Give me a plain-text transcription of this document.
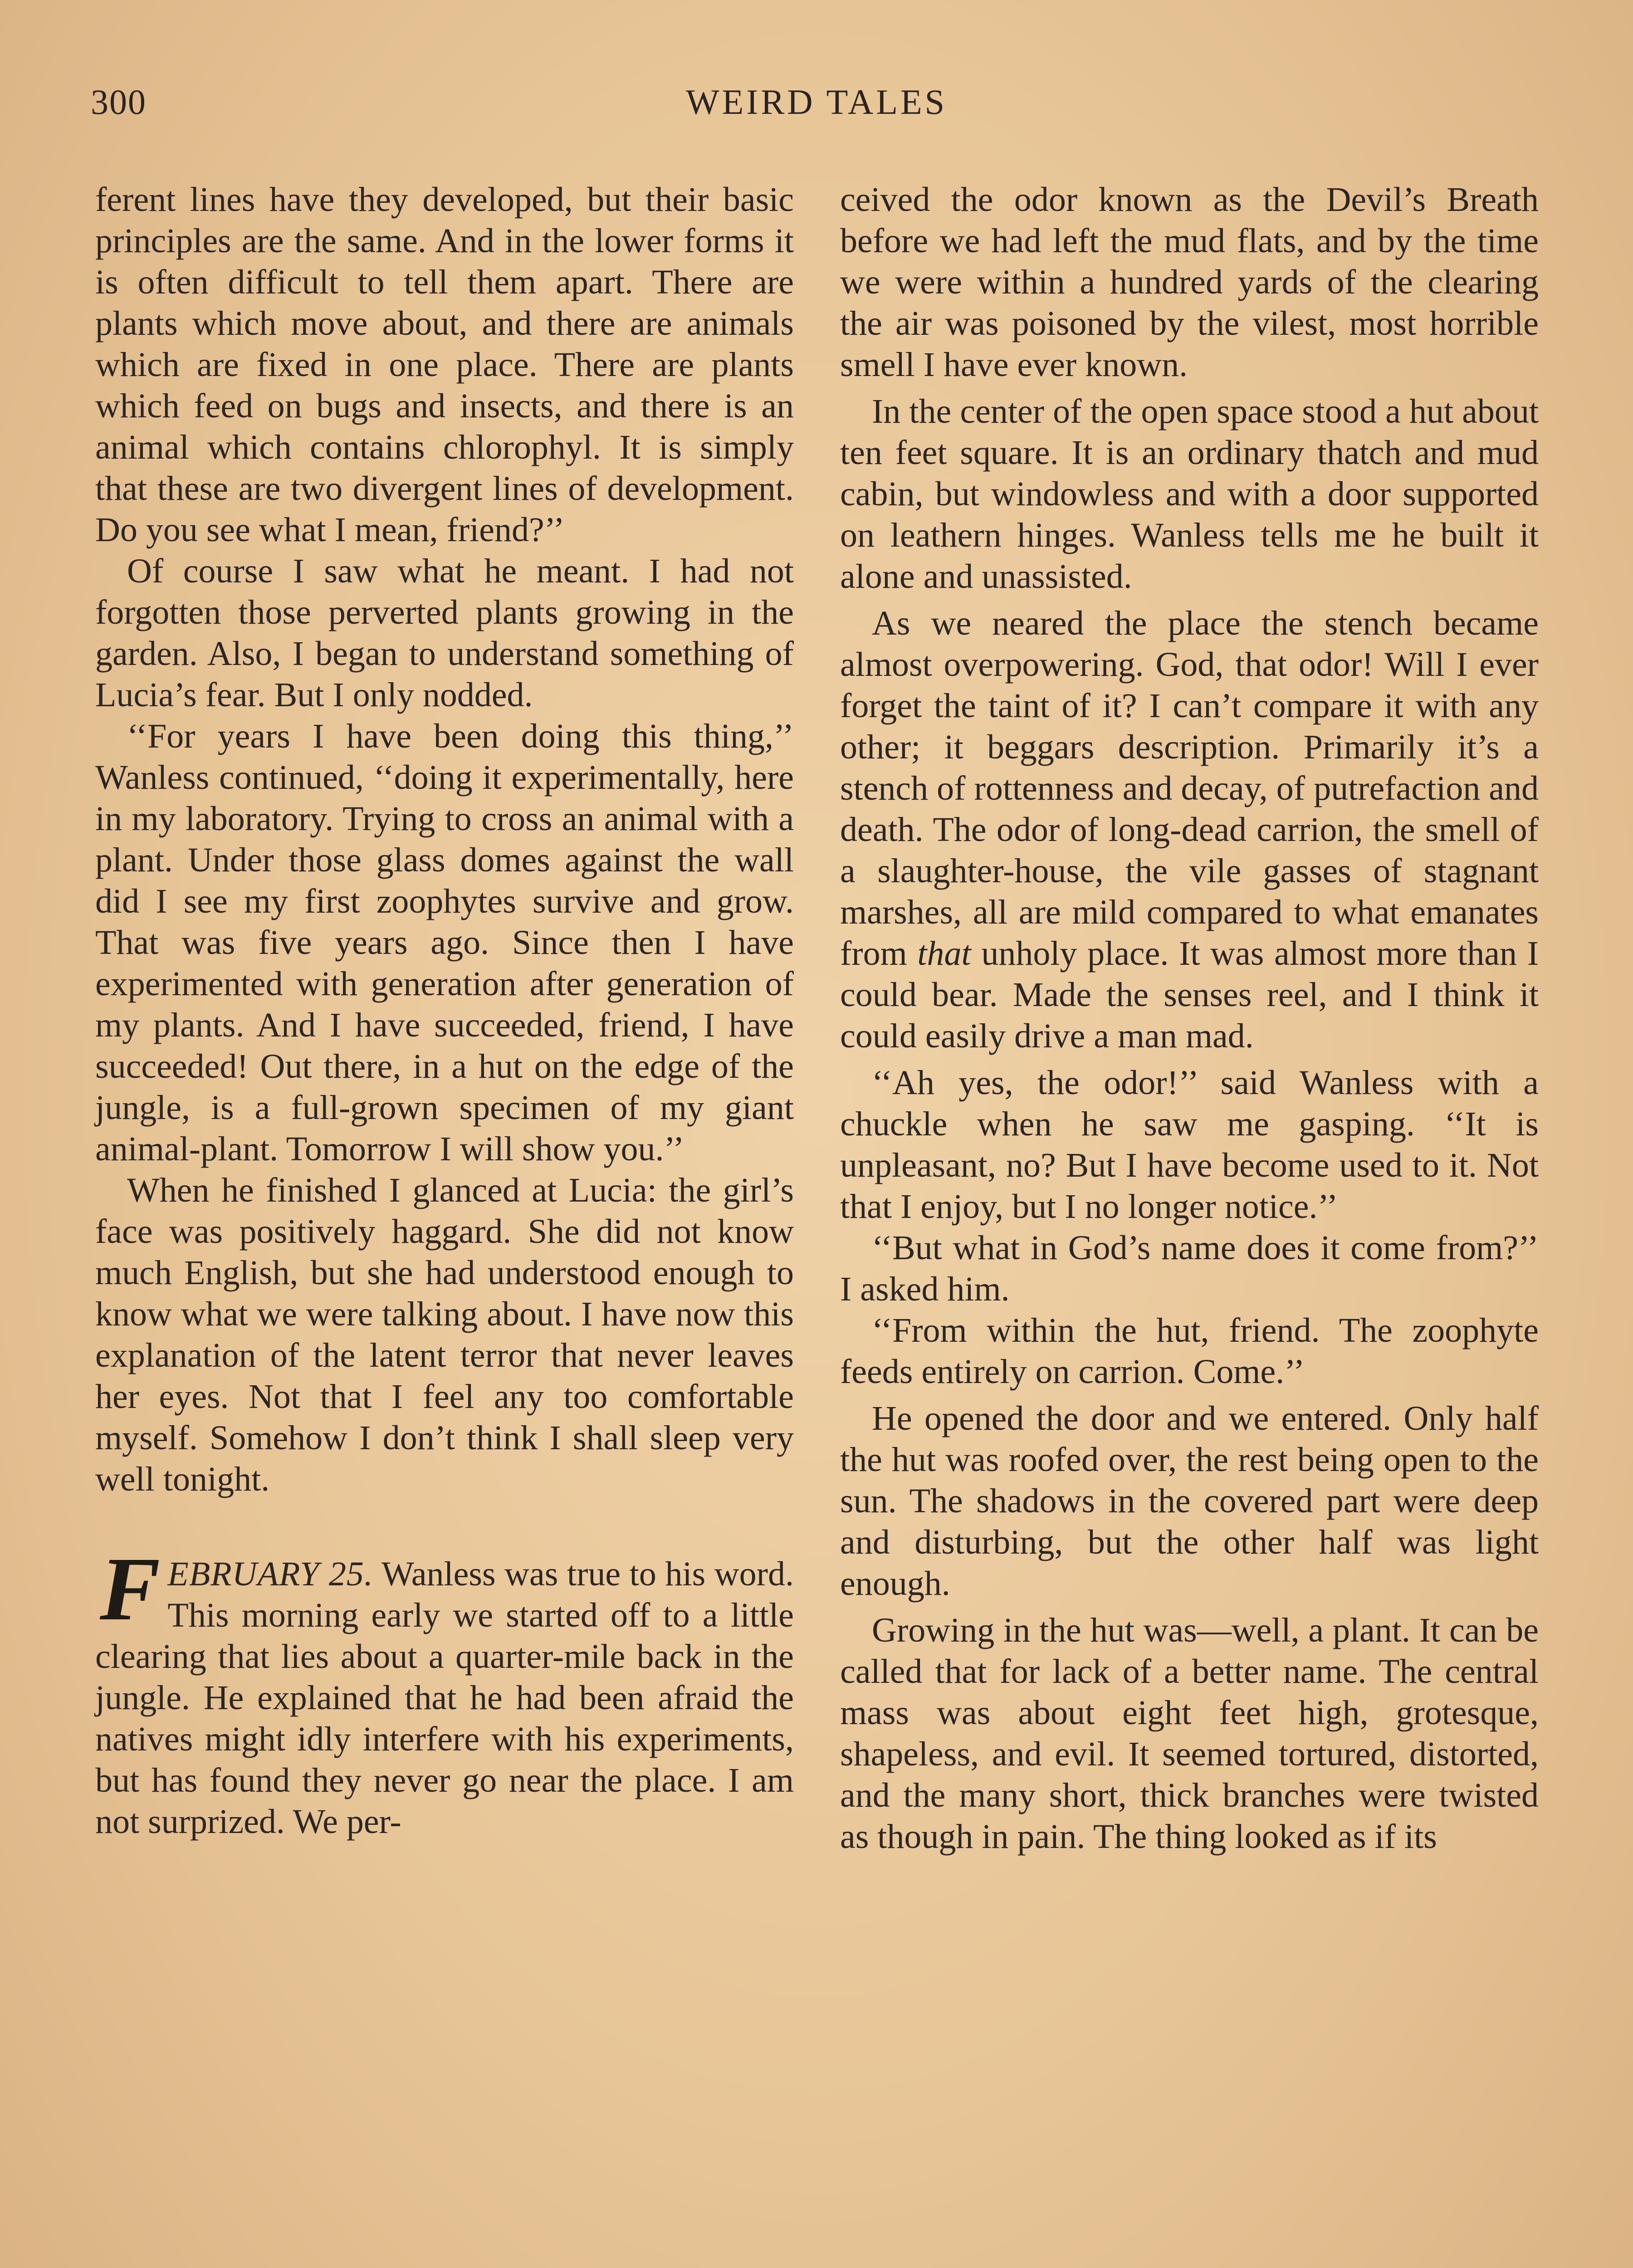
300	WEIRD TALES

ferent lines have they developed, but their basic principles are the same. And in the lower forms it is often difficult to tell them apart. There are plants which move about, and there are animals which are fixed in one place. There are plants which feed on bugs and insects, and there is an animal which contains chlorophyl. It is simply that these are two divergent lines of development. Do you see what I mean, friend?’’

Of course I saw what he meant. I had not forgotten those perverted plants growing in the garden. Also, I began to understand something of Lucia’s fear. But I only nodded.

‘‘For years I have been doing this thing,’’ Wanless continued, ‘‘doing it experimentally, here in my laboratory. Trying to cross an animal with a plant. Under those glass domes against the wall did I see my first zoophytes survive and grow. That was five years ago. Since then I have experimented with generation after generation of my plants. And I have succeeded, friend, I have succeeded! Out there, in a hut on the edge of the jungle, is a full-grown specimen of my giant animal-plant. Tomorrow I will show you.’’

When he finished I glanced at Lucia: the girl’s face was positively haggard. She did not know much English, but she had understood enough to know what we were talking about. I have now this explanation of the latent terror that never leaves her eyes. Not that I feel any too comfortable myself. Somehow I don’t think I shall sleep very well tonight.

FEBRUARY 25. Wanless was true to his word. This morning early we started off to a little clearing that lies about a quarter-mile back in the jungle. He explained that he had been afraid the natives might idly interfere with his experiments, but has found they never go near the place. I am not surprized. We per-

ceived the odor known as the Devil’s Breath before we had left the mud flats, and by the time we were within a hundred yards of the clearing the air was poisoned by the vilest, most horrible smell I have ever known.

In the center of the open space stood a hut about ten feet square. It is an ordinary thatch and mud cabin, but windowless and with a door supported on leathern hinges. Wanless tells me he built it alone and unassisted.

As we neared the place the stench became almost overpowering. God, that odor! Will I ever forget the taint of it? I can’t compare it with any other; it beggars description. Primarily it’s a stench of rottenness and decay, of putrefaction and death. The odor of long-dead carrion, the smell of a slaughter-house, the vile gasses of stagnant marshes, all are mild compared to what emanates from that unholy place. It was almost more than I could bear. Made the senses reel, and I think it could easily drive a man mad.

‘‘Ah yes, the odor!’’ said Wanless with a chuckle when he saw me gasping. ‘‘It is unpleasant, no? But I have become used to it. Not that I enjoy, but I no longer notice.’’

‘‘But what in God’s name does it come from?’’ I asked him.

‘‘From within the hut, friend. The zoophyte feeds entirely on carrion. Come.’’

He opened the door and we entered. Only half the hut was roofed over, the rest being open to the sun. The shadows in the covered part were deep and disturbing, but the other half was light enough.

Growing in the hut was—well, a plant. It can be called that for lack of a better name. The central mass was about eight feet high, grotesque, shapeless, and evil. It seemed tortured, distorted, and the many short, thick branches were twisted as though in pain. The thing looked as if its
